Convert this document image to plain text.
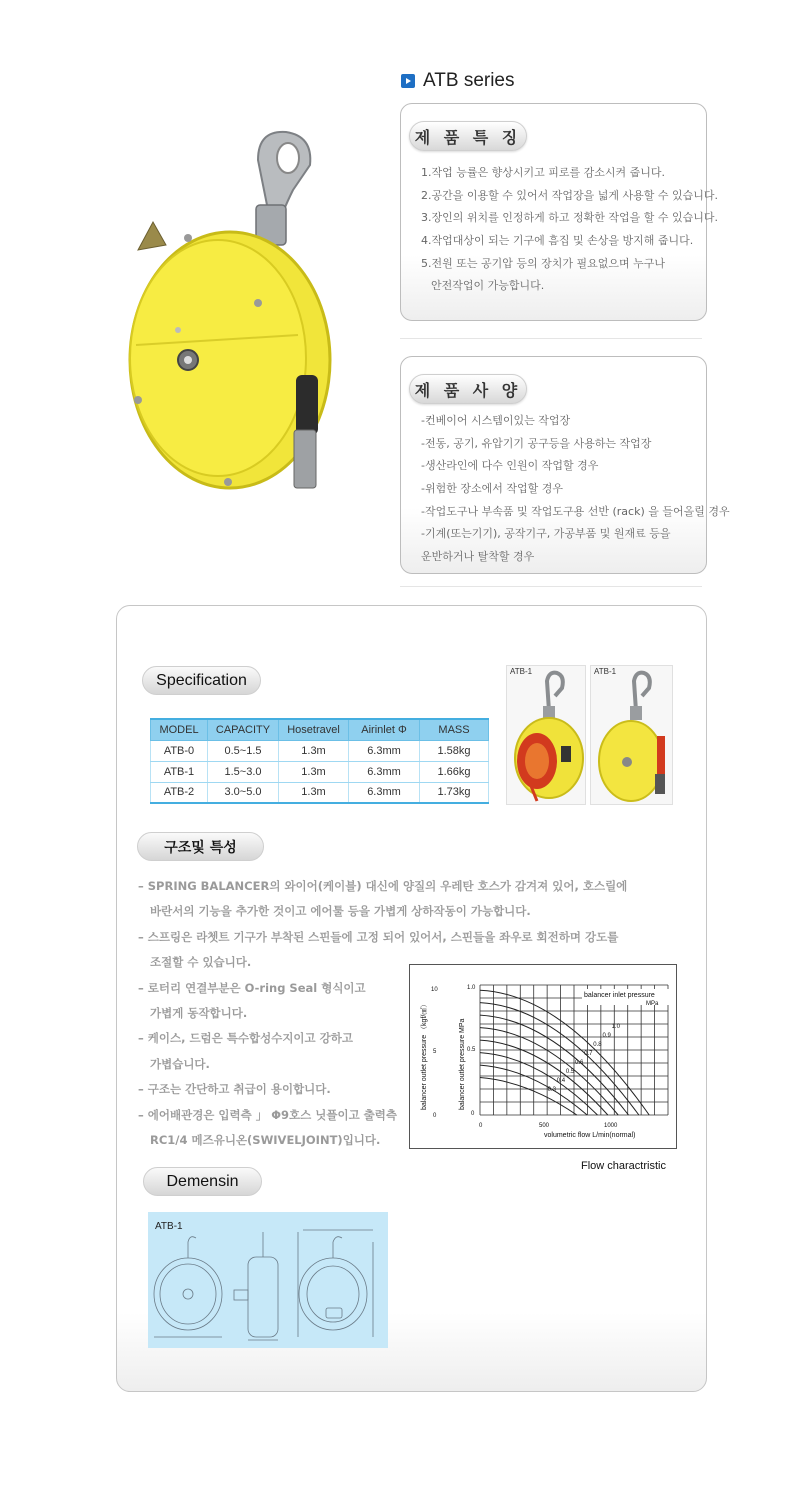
ATB series
제 품 특 징
1.작업 능률은 향상시키고 피로를 감소시켜 줍니다.
2.공간을 이용할 수 있어서 작업장을 넓게 사용할 수 있습니다.
3.장인의 위치를 인정하게 하고 정확한 작업을 할 수 있습니다.
4.작업대상이 되는 기구에 흠집 및 손상을 방지해 줍니다.
5.전원 또는 공기압 등의 장치가 필요없으며 누구나
안전작업이 가능합니다.
제 품 사 양
-컨베이어 시스템이있는 작업장
-전동, 공기, 유압기기 공구등을 사용하는 작업장
-생산라인에 다수 인원이 작업할 경우
-위험한 장소에서 작업할 경우
-작업도구나 부속품 및 작업도구용 선반 (rack) 을 들어올릴 경우
-기계(또는기기), 공작기구, 가공부품 및 원재료 등을
운반하거나 탈착할 경우
Specification
MODEL	CAPACITY	Hosetravel	Airinlet Φ	MASS
ATB-0	0.5~1.5	1.3m	6.3mm	1.58kg
ATB-1	1.5~3.0	1.3m	6.3mm	1.66kg
ATB-2	3.0~5.0	1.3m	6.3mm	1.73kg
ATB-1	ATB-1
구조및 특성
– SPRING BALANCER의 와이어(케이블) 대신에 양질의 우레탄 호스가 감겨져 있어, 호스릴에
바란서의 기능을 추가한 것이고 에어툴 등을 가볍게 상하작동이 가능합니다.
– 스프링은 라쳇트 기구가 부착된 스핀들에 고정 되어 있어서, 스핀들을 좌우로 회전하며 강도를
조절할 수 있습니다.
– 로터리 연결부분은 O-ring Seal 형식이고
가볍게 동작합니다.
– 케이스, 드럼은 특수합성수지이고 강하고
가볍습니다.
– 구조는 간단하고 취급이 용이합니다.
– 에어배관경은 입력측 」 Φ9호스 닛플이고 출력측
RC1/4 메즈유니온(SWIVELJOINT)입니다.
balancer outlet pressure （kgf/㎠）	balancer outlet pressure MPa
10
5
0
1.0
0.5
0
0	500	1000
volumetric flow L/min(normal)
balancer inlet pressure
MPa
1.0
0.9
0.8
0.7
0.6
0.5
0.4
0.3
Flow charactristic
Demensin
ATB-1
